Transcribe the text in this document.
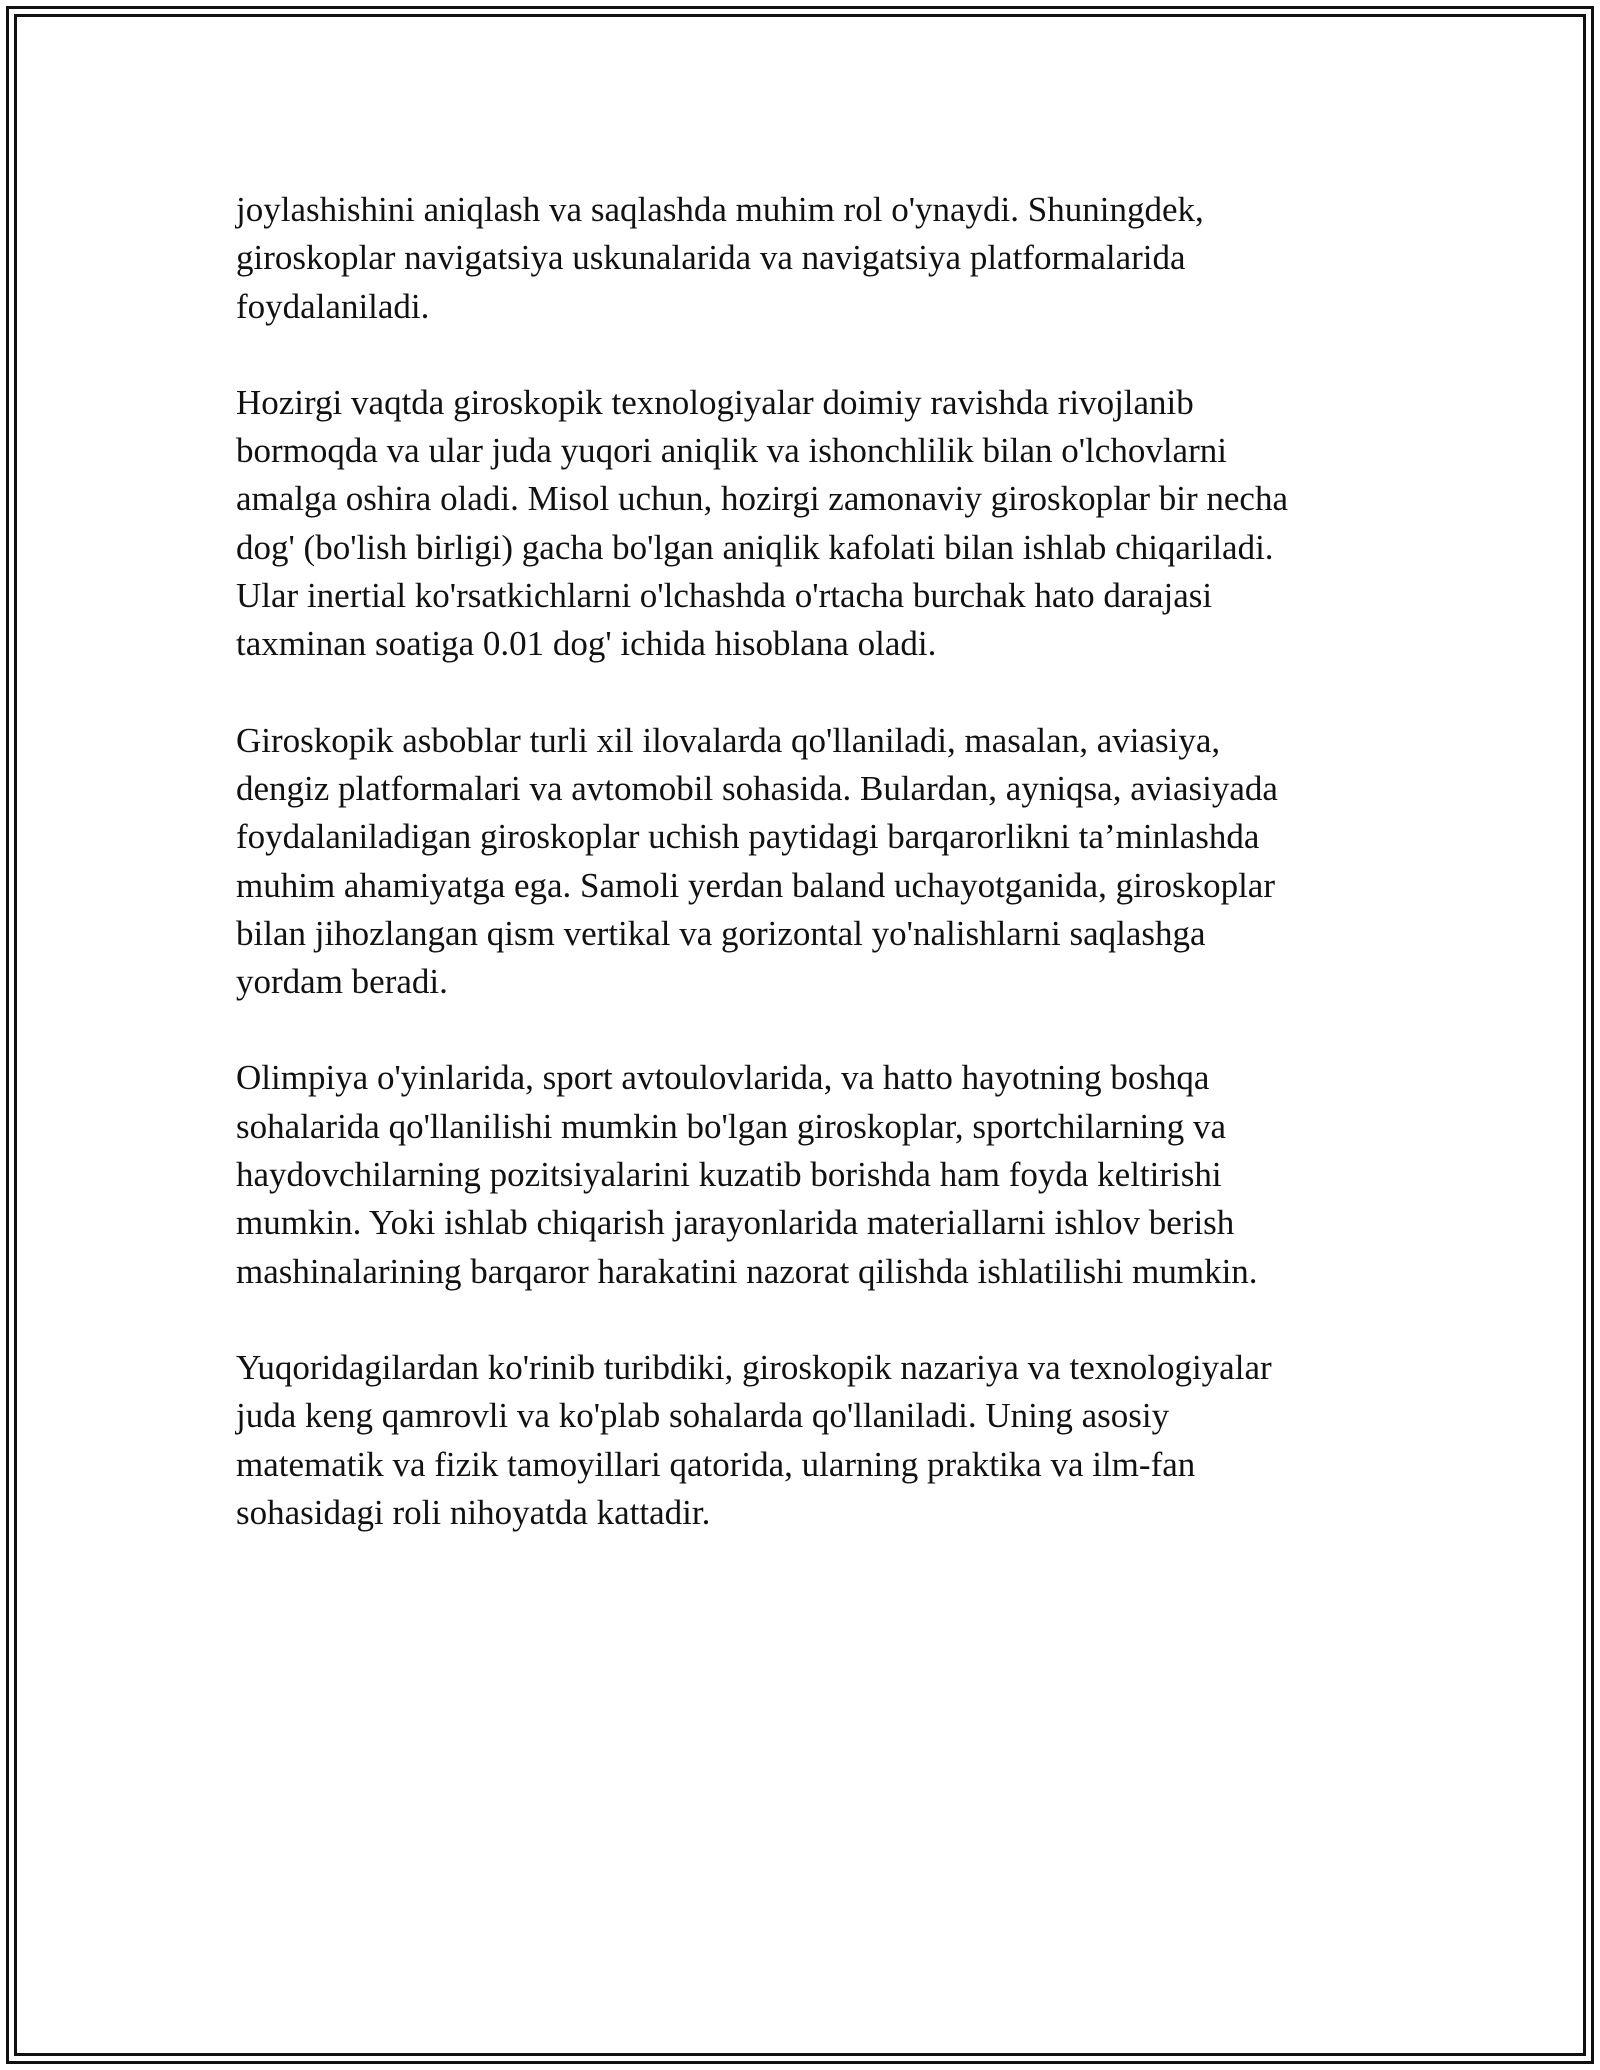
joylashishini aniqlash va saqlashda muhim rol o'ynaydi. Shuningdek,
giroskoplar navigatsiya uskunalarida va navigatsiya platformalarida
foydalaniladi.

Hozirgi vaqtda giroskopik texnologiyalar doimiy ravishda rivojlanib
bormoqda va ular juda yuqori aniqlik va ishonchlilik bilan o'lchovlarni
amalga oshira oladi. Misol uchun, hozirgi zamonaviy giroskoplar bir necha
dog' (bo'lish birligi) gacha bo'lgan aniqlik kafolati bilan ishlab chiqariladi.
Ular inertial ko'rsatkichlarni o'lchashda o'rtacha burchak hato darajasi
taxminan soatiga 0.01 dog' ichida hisoblana oladi.

Giroskopik asboblar turli xil ilovalarda qo'llaniladi, masalan, aviasiya,
dengiz platformalari va avtomobil sohasida. Bulardan, ayniqsa, aviasiyada
foydalaniladigan giroskoplar uchish paytidagi barqarorlikni ta’minlashda
muhim ahamiyatga ega. Samoli yerdan baland uchayotganida, giroskoplar
bilan jihozlangan qism vertikal va gorizontal yo'nalishlarni saqlashga
yordam beradi.

Olimpiya o'yinlarida, sport avtoulovlarida, va hatto hayotning boshqa
sohalarida qo'llanilishi mumkin bo'lgan giroskoplar, sportchilarning va
haydovchilarning pozitsiyalarini kuzatib borishda ham foyda keltirishi
mumkin. Yoki ishlab chiqarish jarayonlarida materiallarni ishlov berish
mashinalarining barqaror harakatini nazorat qilishda ishlatilishi mumkin.

Yuqoridagilardan ko'rinib turibdiki, giroskopik nazariya va texnologiyalar
juda keng qamrovli va ko'plab sohalarda qo'llaniladi. Uning asosiy
matematik va fizik tamoyillari qatorida, ularning praktika va ilm-fan
sohasidagi roli nihoyatda kattadir.
